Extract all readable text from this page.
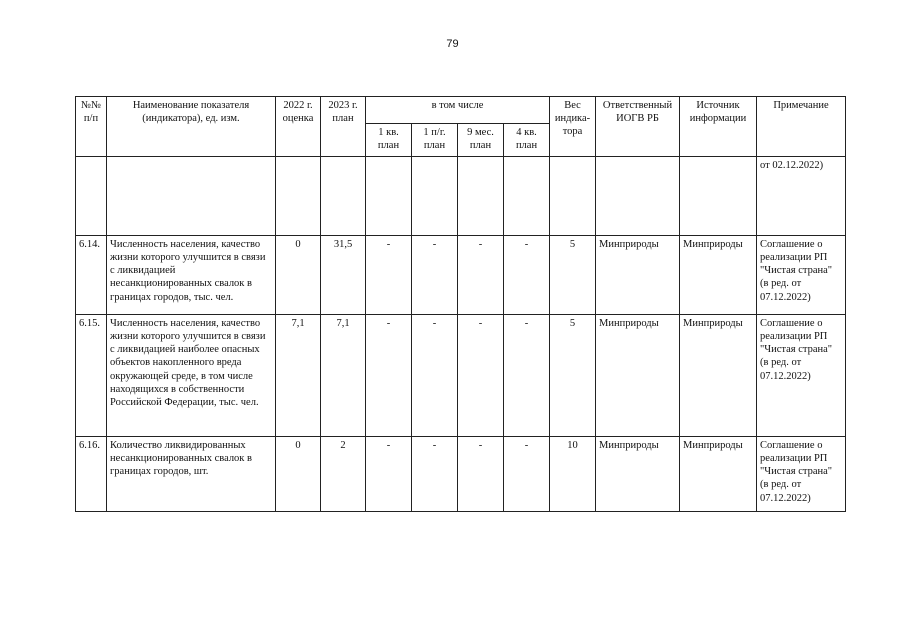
79
№№ п/п	Наименование показателя (индикатора), ед. изм.	2022 г. оценка	2023 г. план	в том числе				Вес индика-тора	Ответственный ИОГВ РБ	Источник информации	Примечание
				1 кв. план	1 п/г. план	9 мес. план	4 кв. план				
											от 02.12.2022)
6.14.	Численность населения, качество жизни которого улучшится в связи с ликвидацией несанкционированных свалок в границах городов, тыс. чел.	0	31,5	-	-	-	-	5	Минприроды	Минприроды	Соглашение о реализации РП "Чистая страна" (в ред. от 07.12.2022)
6.15.	Численность населения, качество жизни которого улучшится в связи с ликвидацией наиболее опасных объектов накопленного вреда окружающей среде, в том числе находящихся в собственности Российской Федерации, тыс. чел.	7,1	7,1	-	-	-	-	5	Минприроды	Минприроды	Соглашение о реализации РП "Чистая страна" (в ред. от 07.12.2022)
6.16.	Количество ликвидированных несанкционированных свалок в границах городов, шт.	0	2	-	-	-	-	10	Минприроды	Минприроды	Соглашение о реализации РП "Чистая страна" (в ред. от 07.12.2022)
